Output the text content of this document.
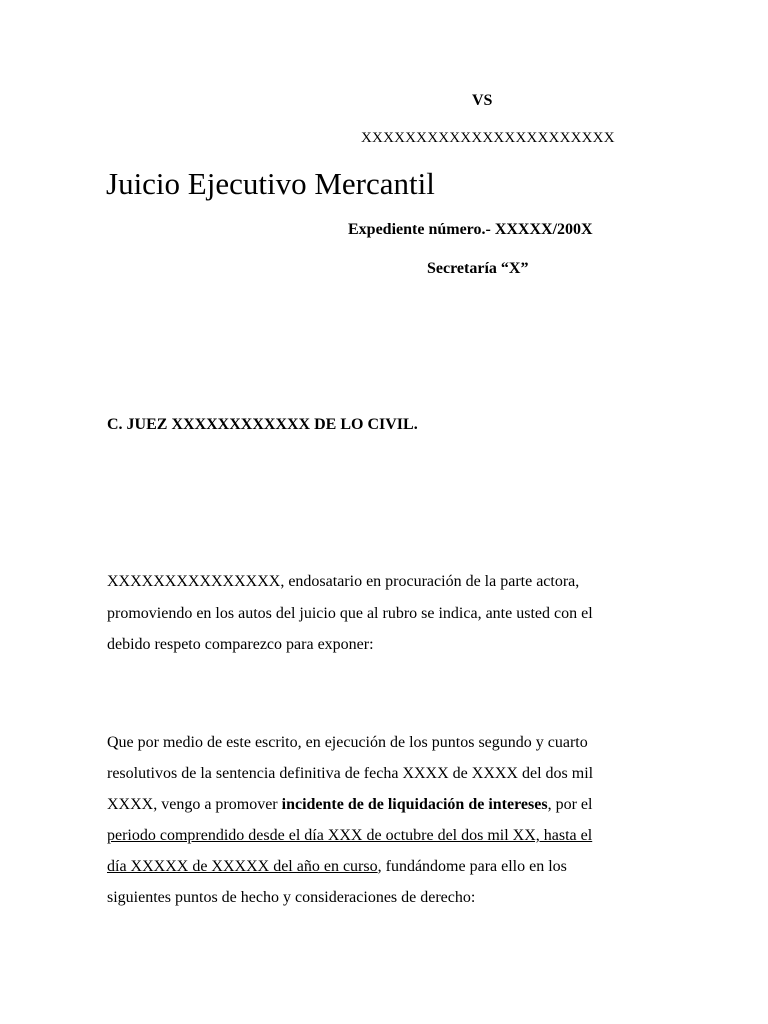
VS
XXXXXXXXXXXXXXXXXXXXXXX
Juicio Ejecutivo Mercantil
Expediente número.- XXXXX/200X
Secretaría “X”
C. JUEZ XXXXXXXXXXXX DE LO CIVIL.
XXXXXXXXXXXXXXX, endosatario en procuración de la parte actora,
promoviendo en los autos del juicio que al rubro se indica, ante usted con el
debido respeto comparezco para exponer:
Que por medio de este escrito, en ejecución de los puntos segundo y cuarto
resolutivos de la sentencia definitiva de fecha XXXX de XXXX del dos mil
XXXX, vengo a promover incidente de de liquidación de intereses, por el
periodo comprendido desde el día XXX de octubre del dos mil XX, hasta el
día XXXXX de XXXXX del año en curso, fundándome para ello en los
siguientes puntos de hecho y consideraciones de derecho:
